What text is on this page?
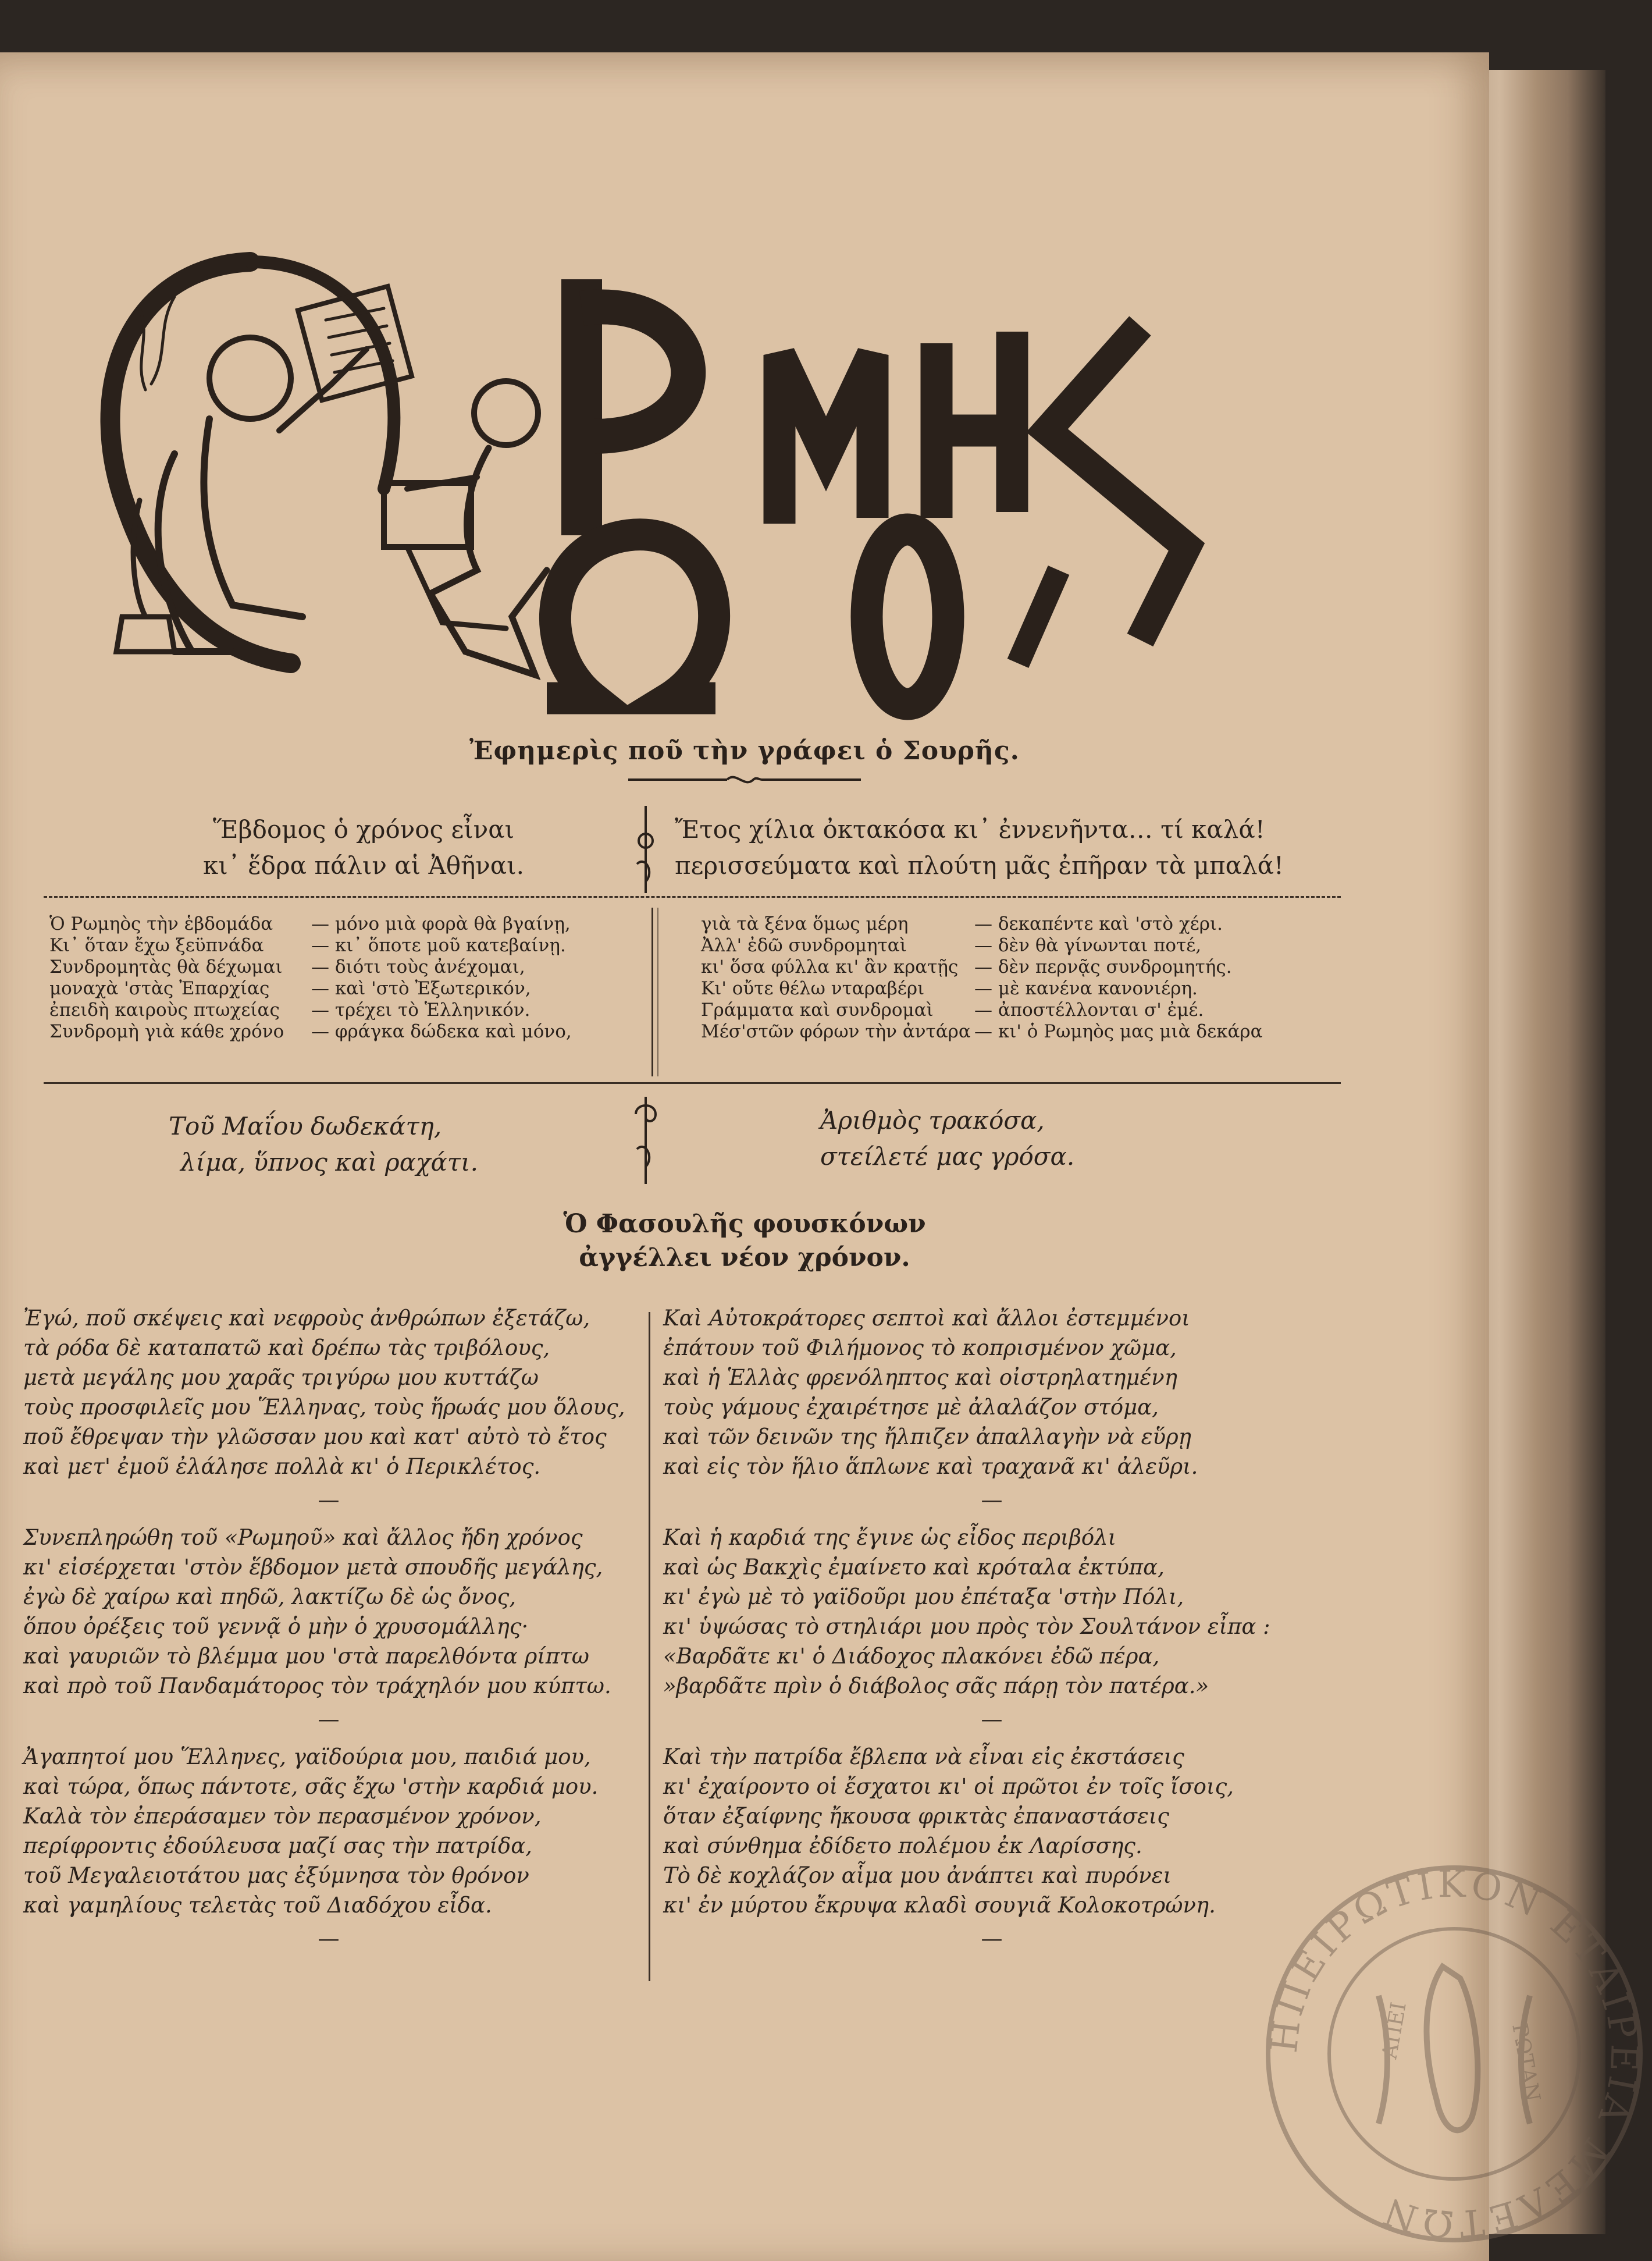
Ἐφημερὶς ποῦ τὴν γράφει ὁ Σουρῆς.
Ἕβδομος ὁ χρόνος εἶναι
κι᾽ ἕδρα πάλιν αἱ Ἀθῆναι.
Ἔτος χίλια ὀκτακόσα κι᾽ ἐννενῆντα… τί καλά!
περισσεύματα καὶ πλούτη μᾶς ἐπῆραν τὰ μπαλά!
Ὁ Ρωμηὸς τὴν ἑβδομάδα	— μόνο μιὰ φορὰ θὰ βγαίνῃ,
Κι᾽ ὅταν ἔχω ξεϋπνάδα	— κι᾽ ὅποτε μοῦ κατεβαίνῃ.
Συνδρομητὰς θὰ δέχωμαι	— διότι τοὺς ἀνέχομαι,
μοναχὰ 'στὰς Ἐπαρχίας	— καὶ 'στὸ Ἐξωτερικόν,
ἐπειδὴ καιροὺς πτωχείας	— τρέχει τὸ Ἑλληνικόν.
Συνδρομὴ γιὰ κάθε χρόνο	— φράγκα δώδεκα καὶ μόνο,
γιὰ τὰ ξένα ὅμως μέρη	— δεκαπέντε καὶ 'στὸ χέρι.
Ἀλλ' ἐδῶ συνδρομηταὶ	— δὲν θὰ γίνωνται ποτέ,
κι' ὅσα φύλλα κι' ἂν κρατῇς — δὲν περνᾷς συνδρομητής.
Κι' οὔτε θέλω νταραβέρι	— μὲ κανένα κανονιέρη.
Γράμματα καὶ συνδρομαὶ	— ἀποστέλλονται σ' ἐμέ.
Μέσ'στῶν φόρων τὴν ἀντάρα — κι' ὁ Ρωμηὸς μας μιὰ δεκάρα
Τοῦ Μαΐου δωδεκάτη,
λίμα, ὕπνος καὶ ραχάτι.
Ἀριθμὸς τρακόσα,
στείλετέ μας γρόσα.
Ὁ Φασουλῆς φουσκόνων
ἀγγέλλει νέον χρόνον.

Ἐγώ, ποῦ σκέψεις καὶ νεφροὺς ἀνθρώπων ἐξετάζω,

τὰ ρόδα δὲ καταπατῶ καὶ δρέπω τὰς τριβόλους,

μετὰ μεγάλης μου χαρᾶς τριγύρω μου κυττάζω

τοὺς προσφιλεῖς μου Ἕλληνας, τοὺς ἥρωάς μου ὅλους,

ποῦ ἔθρεψαν τὴν γλῶσσαν μου καὶ κατ' αὐτὸ τὸ ἔτος

καὶ μετ' ἐμοῦ ἐλάλησε πολλὰ κι' ὁ Περικλέτος.

—

Συνεπληρώθη τοῦ «Ρωμηοῦ» καὶ ἄλλος ἤδη χρόνος

κι' εἰσέρχεται 'στὸν ἕβδομον μετὰ σπουδῆς μεγάλης,

ἐγὼ δὲ χαίρω καὶ πηδῶ, λακτίζω δὲ ὡς ὄνος,

ὅπου ὀρέξεις τοῦ γεννᾷ ὁ μὴν ὁ χρυσομάλλης·

καὶ γαυριῶν τὸ βλέμμα μου 'στὰ παρελθόντα ρίπτω

καὶ πρὸ τοῦ Πανδαμάτορος τὸν τράχηλόν μου κύπτω.

—

Ἀγαπητοί μου Ἕλληνες, γαϊδούρια μου, παιδιά μου,

καὶ τώρα, ὅπως πάντοτε, σᾶς ἔχω 'στὴν καρδιά μου.

Καλὰ τὸν ἐπεράσαμεν τὸν περασμένον χρόνον,

περίφροντις ἐδούλευσα μαζί σας τὴν πατρίδα,

τοῦ Μεγαλειοτάτου μας ἐξύμνησα τὸν θρόνον

καὶ γαμηλίους τελετὰς τοῦ Διαδόχου εἶδα.

—

Καὶ Αὐτοκράτορες σεπτοὶ καὶ ἄλλοι ἐστεμμένοι

ἐπάτουν τοῦ Φιλήμονος τὸ κοπρισμένον χῶμα,

καὶ ἡ Ἑλλὰς φρενόληπτος καὶ οἰστρηλατημένη

τοὺς γάμους ἐχαιρέτησε μὲ ἀλαλάζον στόμα,

καὶ τῶν δεινῶν της ἤλπιζεν ἀπαλλαγὴν νὰ εὕρῃ

καὶ εἰς τὸν ἥλιο ἅπλωνε καὶ τραχανᾶ κι' ἀλεῦρι.

—

Καὶ ἡ καρδιά της ἔγινε ὡς εἶδος περιβόλι

καὶ ὡς Βακχὶς ἐμαίνετο καὶ κρόταλα ἐκτύπα,

κι' ἐγὼ μὲ τὸ γαϊδοῦρι μου ἐπέταξα 'στὴν Πόλι,

κι' ὑψώσας τὸ στηλιάρι μου πρὸς τὸν Σουλτάνον εἶπα :

«Βαρδᾶτε κι' ὁ Διάδοχος πλακόνει ἐδῶ πέρα,

»βαρδᾶτε πρὶν ὁ διάβολος σᾶς πάρῃ τὸν πατέρα.»

—

Καὶ τὴν πατρίδα ἔβλεπα νὰ εἶναι εἰς ἐκστάσεις

κι' ἐχαίροντο οἱ ἔσχατοι κι' οἱ πρῶτοι ἐν τοῖς ἴσοις,

ὅταν ἐξαίφνης ἤκουσα φρικτὰς ἐπαναστάσεις

καὶ σύνθημα ἐδίδετο πολέμου ἐκ Λαρίσσης.

Τὸ δὲ κοχλάζον αἷμα μου ἀνάπτει καὶ πυρόνει

κι' ἐν μύρτου ἔκρυψα κλαδὶ σουγιᾶ Κολοκοτρώνη.

—
ΗΠΕΙΡΩΤΙΚΟΝ ΕΤΑΙΡΕΙΑ ΜΕΛΕΤΩΝ
ΑΠΕΙ	ΡΩΤΑΝ
